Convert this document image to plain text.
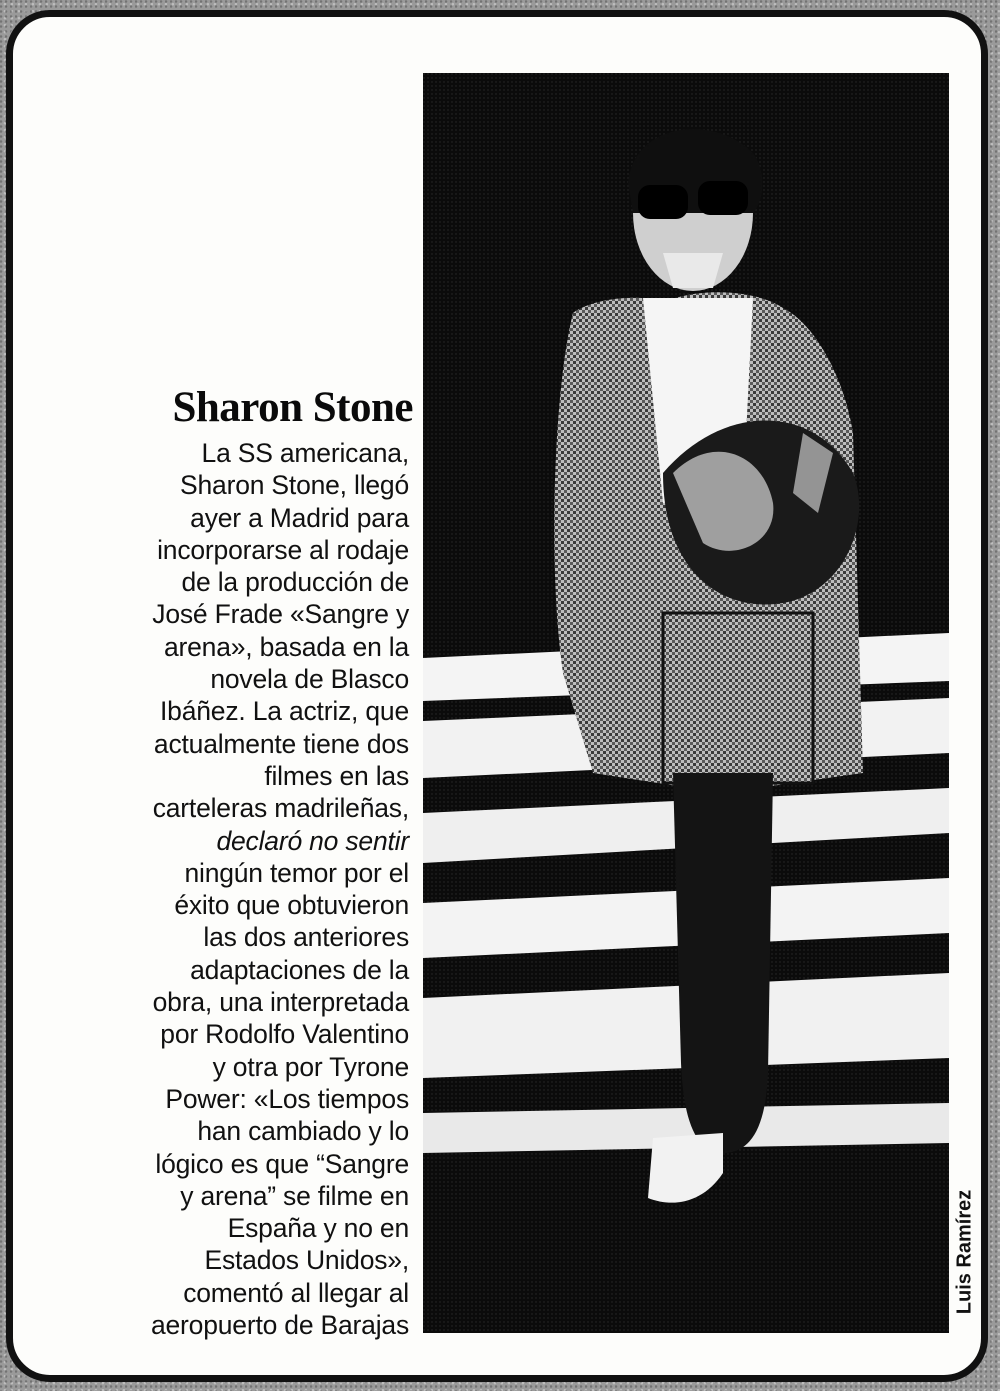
Sharon Stone
La SS americana,
Sharon Stone, llegó
ayer a Madrid para
incorporarse al rodaje
de la producción de
José Frade «Sangre y
arena», basada en la
novela de Blasco
Ibáñez. La actriz, que
actualmente tiene dos
filmes en las
carteleras madrileñas,
declaró no sentir
ningún temor por el
éxito que obtuvieron
las dos anteriores
adaptaciones de la
obra, una interpretada
por Rodolfo Valentino
y otra por Tyrone
Power: «Los tiempos
han cambiado y lo
lógico es que “Sangre
y arena” se filme en
España y no en
Estados Unidos»,
comentó al llegar al
aeropuerto de Barajas
Luis Ramírez
